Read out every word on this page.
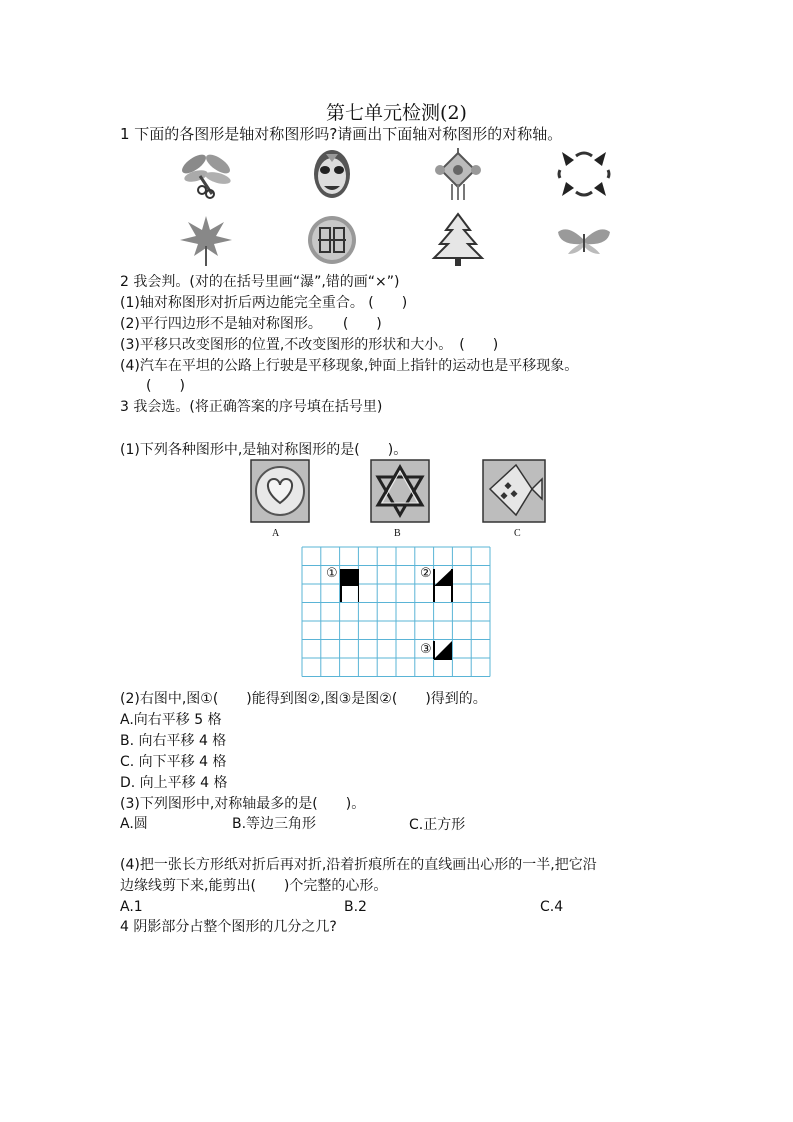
第七单元检测(2)
1 下面的各图形是轴对称图形吗?请画出下面轴对称图形的对称轴。
2 我会判。(对的在括号里画“瀑”,错的画“×”)
(1)轴对称图形对折后两边能完全重合。 (　　)
(2)平行四边形不是轴对称图形。　　(　　)
(3)平移只改变图形的位置,不改变图形的形状和大小。　(　　)
(4)汽车在平坦的公路上行驶是平移现象,钟面上指针的运动也是平移现象。
(　　)
3 我会选。(将正确答案的序号填在括号里)
(1)下列各种图形中,是轴对称图形的是(　　)。
A	B	C
①	②
③
(2)右图中,图①(　　)能得到图②,图③是图②(　　)得到的。
A.向右平移 5 格
B. 向右平移 4 格
C. 向下平移 4 格
D. 向上平移 4 格
(3)下列图形中,对称轴最多的是(　　)。
A.圆	B.等边三角形	C.正方形
(4)把一张长方形纸对折后再对折,沿着折痕所在的直线画出心形的一半,把它沿
边缘线剪下来,能剪出(　　)个完整的心形。
A.1	B.2	C.4
4 阴影部分占整个图形的几分之几?
